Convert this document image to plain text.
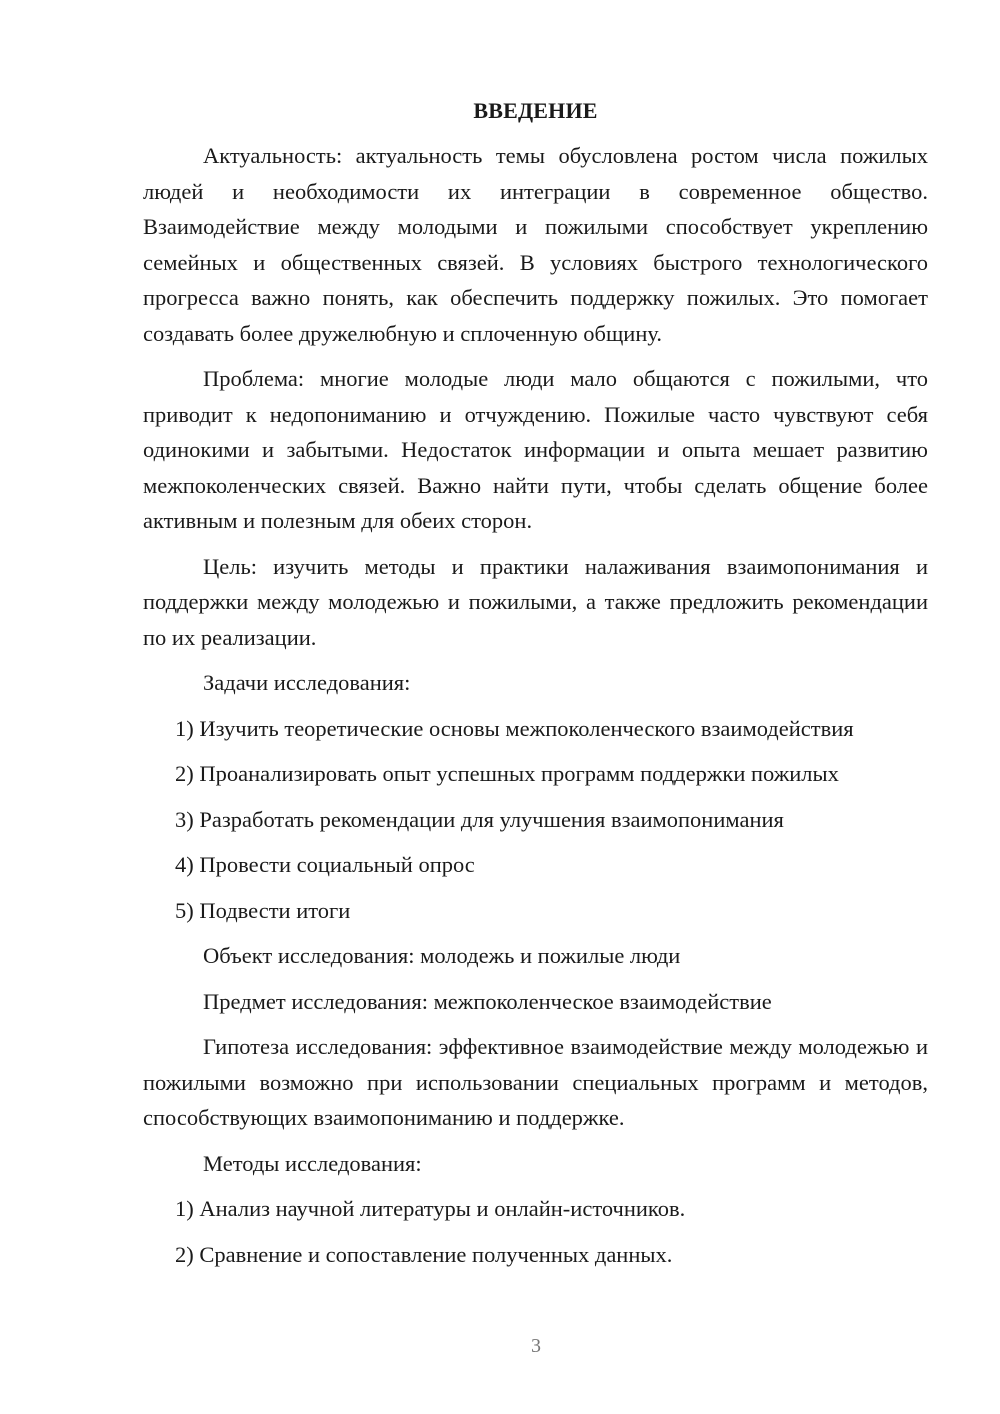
ВВЕДЕНИЕ

Актуальность: актуальность темы обусловлена ростом числа пожилых людей и необходимости их интеграции в современное общество. Взаимодействие между молодыми и пожилыми способствует укреплению семейных и общественных связей. В условиях быстрого технологического прогресса важно понять, как обеспечить поддержку пожилых. Это помогает создавать более дружелюбную и сплоченную общину.

Проблема: многие молодые люди мало общаются с пожилыми, что приводит к недопониманию и отчуждению. Пожилые часто чувствуют себя одинокими и забытыми. Недостаток информации и опыта мешает развитию межпоколенческих связей. Важно найти пути, чтобы сделать общение более активным и полезным для обеих сторон.

Цель: изучить методы и практики налаживания взаимопонимания и поддержки между молодежью и пожилыми, а также предложить рекомендации по их реализации.

Задачи исследования:

1) Изучить теоретические основы межпоколенческого взаимодействия

2) Проанализировать опыт успешных программ поддержки пожилых

3) Разработать рекомендации для улучшения взаимопонимания

4) Провести социальный опрос

5) Подвести итоги

Объект исследования: молодежь и пожилые люди

Предмет исследования: межпоколенческое взаимодействие

Гипотеза исследования: эффективное взаимодействие между молодежью и пожилыми возможно при использовании специальных программ и методов, способствующих взаимопониманию и поддержке.

Методы исследования:

1) Анализ научной литературы и онлайн-источников.

2) Сравнение и сопоставление полученных данных.

3
